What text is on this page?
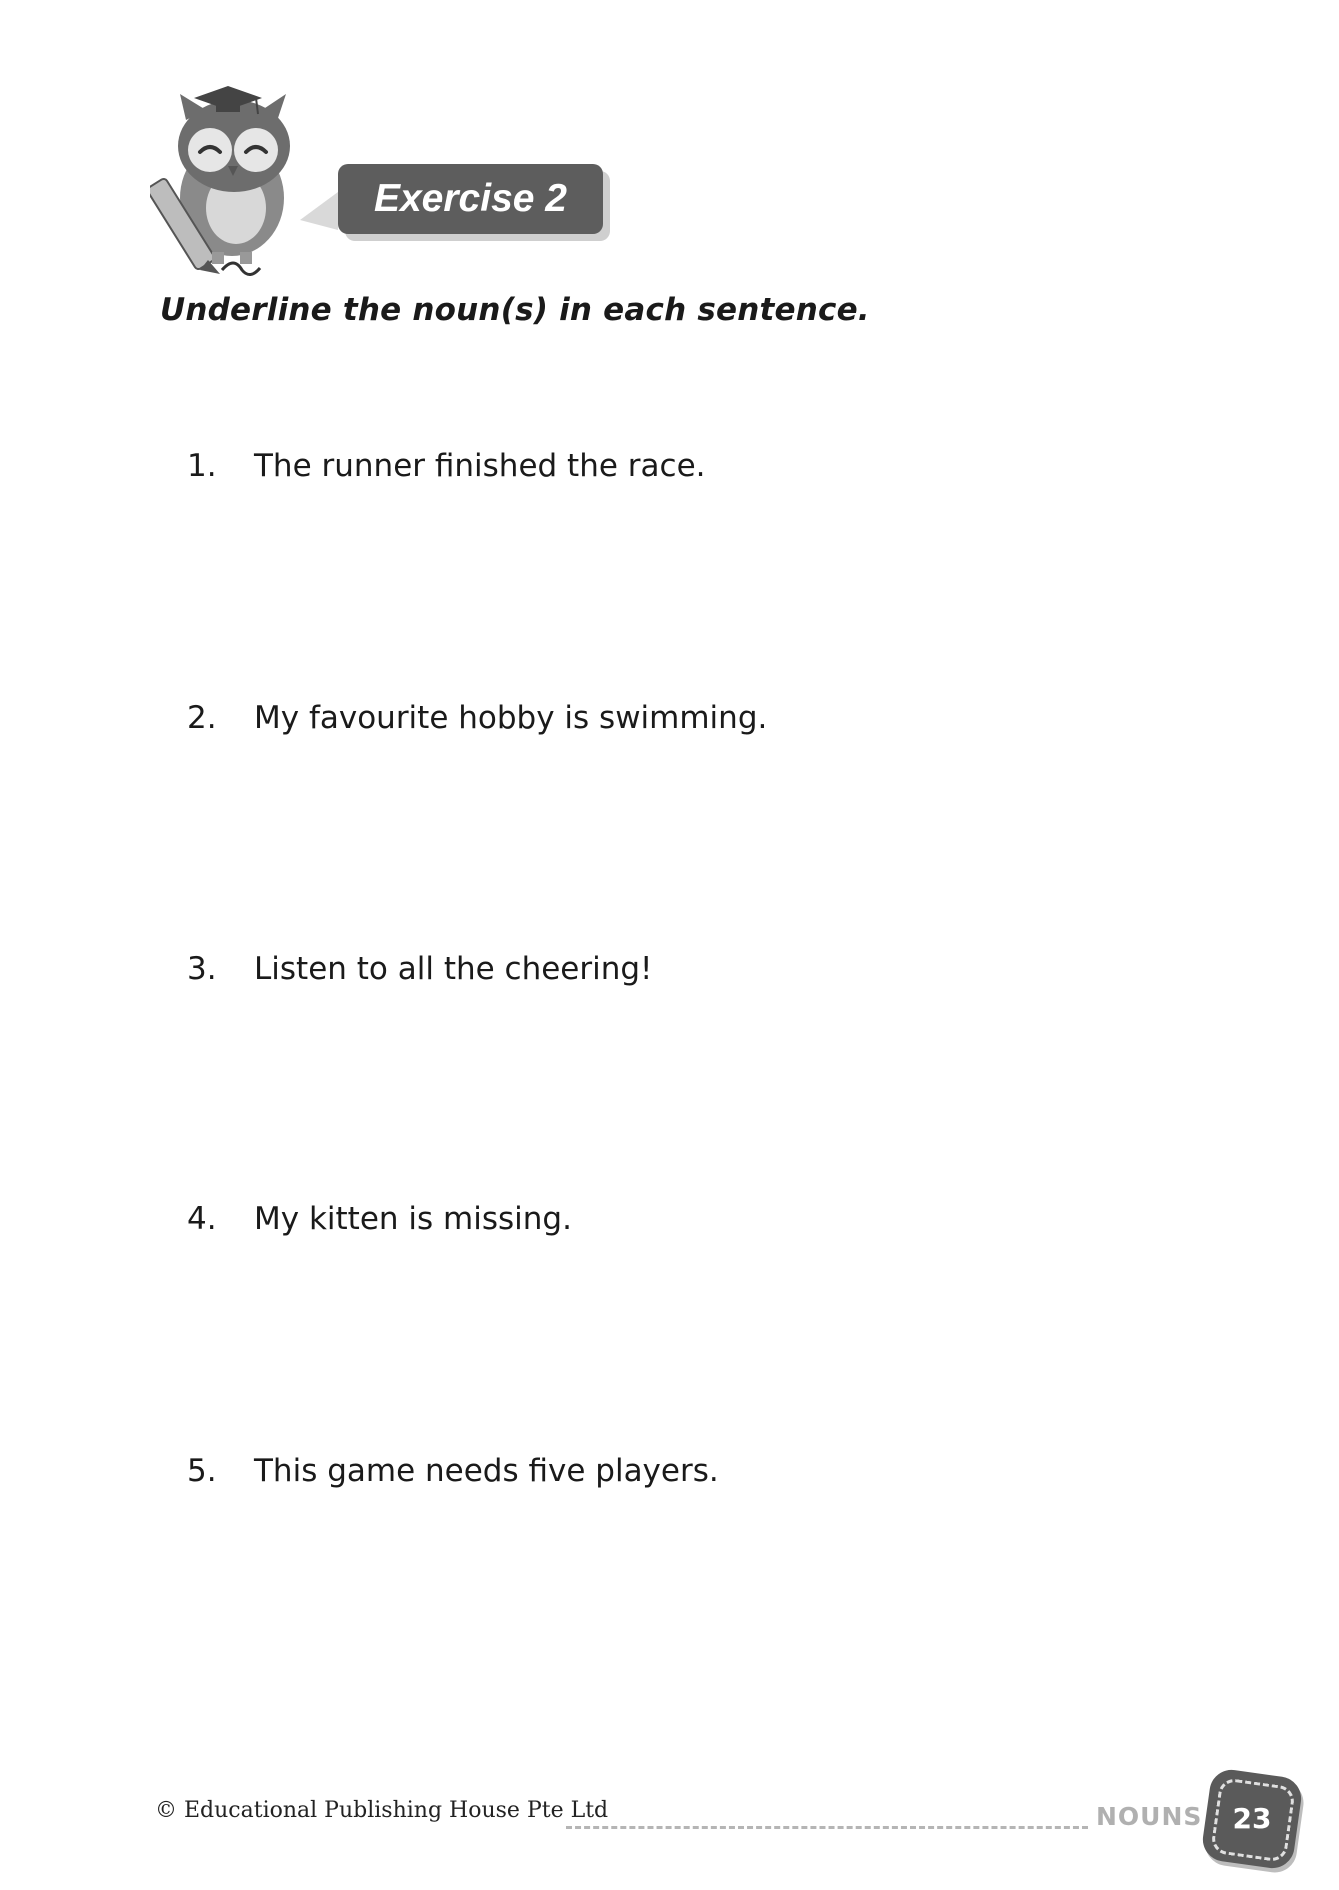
Exercise 2
Underline the noun(s) in each sentence.
1.	The runner finished the race.
2.	My favourite hobby is swimming.
3.	Listen to all the cheering!
4.	My kitten is missing.
5.	This game needs five players.
© Educational Publishing House Pte Ltd	NOUNS	23
